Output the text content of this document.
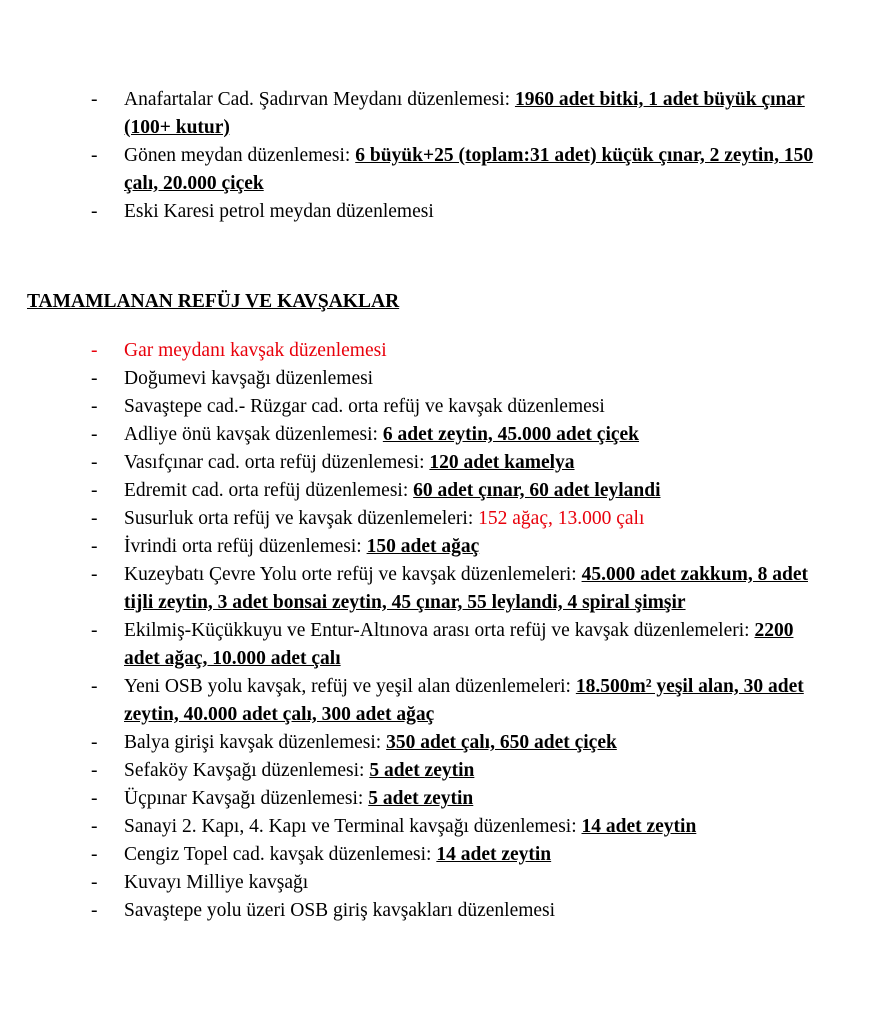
- Anafartalar Cad. Şadırvan Meydanı düzenlemesi: 1960 adet bitki, 1 adet büyük çınar (100+ kutur)
- Gönen meydan düzenlemesi: 6 büyük+25 (toplam:31 adet) küçük çınar, 2 zeytin, 150 çalı, 20.000 çiçek
- Eski Karesi petrol meydan düzenlemesi
TAMAMLANAN REFÜJ VE KAVŞAKLAR
- Gar meydanı kavşak düzenlemesi
- Doğumevi kavşağı düzenlemesi
- Savaştepe cad.- Rüzgar cad. orta refüj ve kavşak düzenlemesi
- Adliye önü kavşak düzenlemesi: 6 adet zeytin, 45.000 adet çiçek
- Vasıfçınar cad. orta refüj düzenlemesi: 120 adet kamelya
- Edremit cad. orta refüj düzenlemesi: 60 adet çınar, 60 adet leylandi
- Susurluk orta refüj ve kavşak düzenlemeleri: 152 ağaç, 13.000 çalı
- İvrindi orta refüj düzenlemesi: 150 adet ağaç
- Kuzeybatı Çevre Yolu orte refüj ve kavşak düzenlemeleri: 45.000 adet zakkum, 8 adet tijli zeytin, 3 adet bonsai zeytin, 45 çınar, 55 leylandi, 4 spiral şimşir
- Ekilmiş-Küçükkuyu ve Entur-Altınova arası orta refüj ve kavşak düzenlemeleri: 2200 adet ağaç, 10.000 adet çalı
- Yeni OSB yolu kavşak, refüj ve yeşil alan düzenlemeleri: 18.500m² yeşil alan, 30 adet zeytin, 40.000 adet çalı, 300 adet ağaç
- Balya girişi kavşak düzenlemesi: 350 adet çalı, 650 adet çiçek
- Sefaköy Kavşağı düzenlemesi: 5 adet zeytin
- Üçpınar Kavşağı düzenlemesi: 5 adet zeytin
- Sanayi 2. Kapı, 4. Kapı ve Terminal kavşağı düzenlemesi: 14 adet zeytin
- Cengiz Topel cad. kavşak düzenlemesi: 14 adet zeytin
- Kuvayı Milliye kavşağı
- Savaştepe yolu üzeri OSB giriş kavşakları düzenlemesi
